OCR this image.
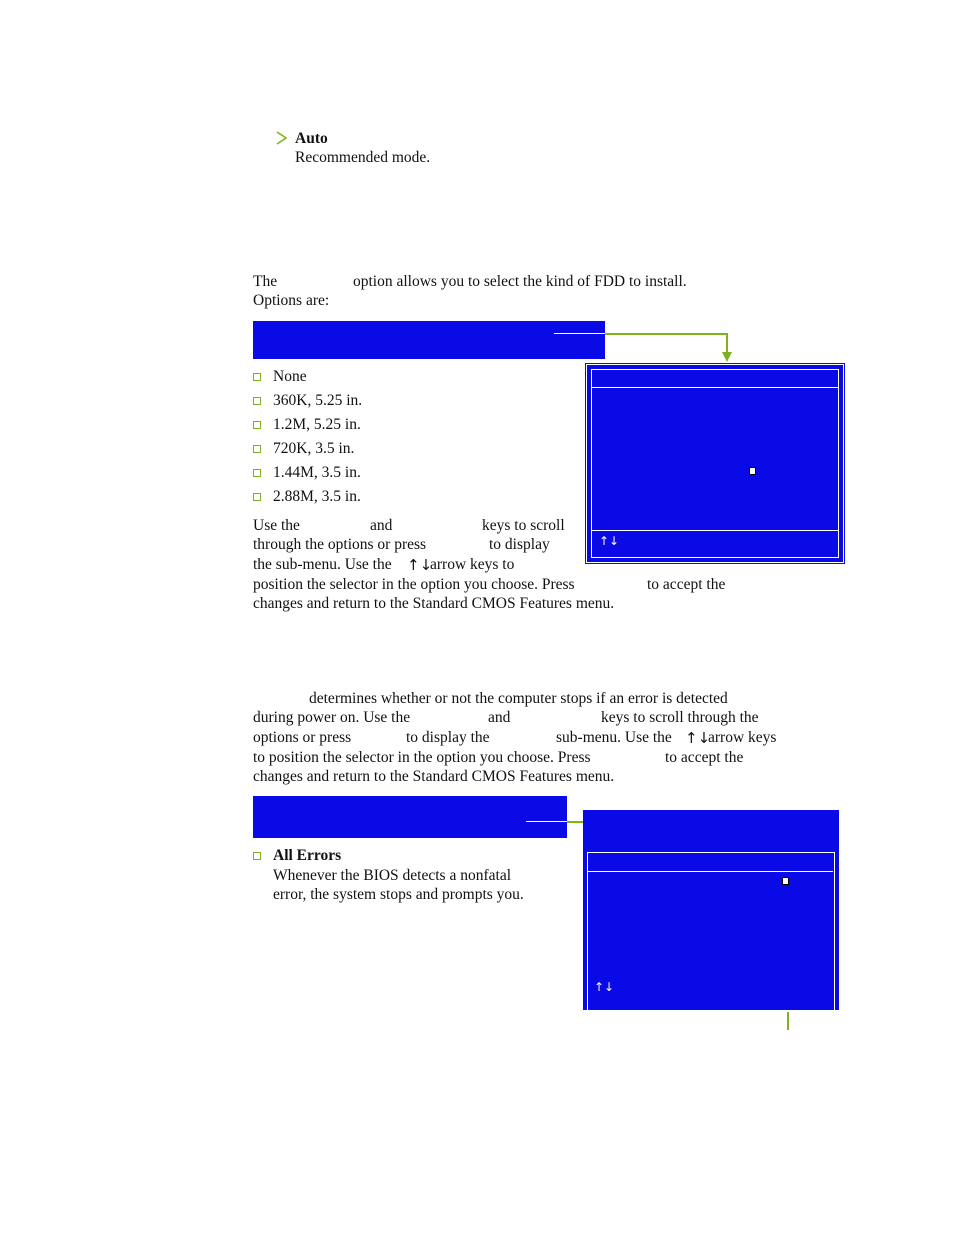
Auto
Recommended mode.
The	option allows you to select the kind of FDD to install.
Options are:
None
360K, 5.25 in.
1.2M, 5.25 in.
720K, 3.5 in.
1.44M, 3.5 in.
2.88M, 3.5 in.
Use the	and	keys to scroll
through the options or press	to display
the sub-menu. Use the ↑↓
arrow keys to
position the selector in the option you choose. Press	to accept the
changes and return to the Standard CMOS Features menu.
↑↓
determines whether or not the computer stops if an error is detected
during power on. Use the	and	keys to scroll through the
options or press	to display the	sub-menu. Use the ↑↓
arrow keys
to position the selector in the option you choose. Press	to accept the
changes and return to the Standard CMOS Features menu.
All Errors
Whenever the BIOS detects a nonfatal
error, the system stops and prompts you.
↑↓
